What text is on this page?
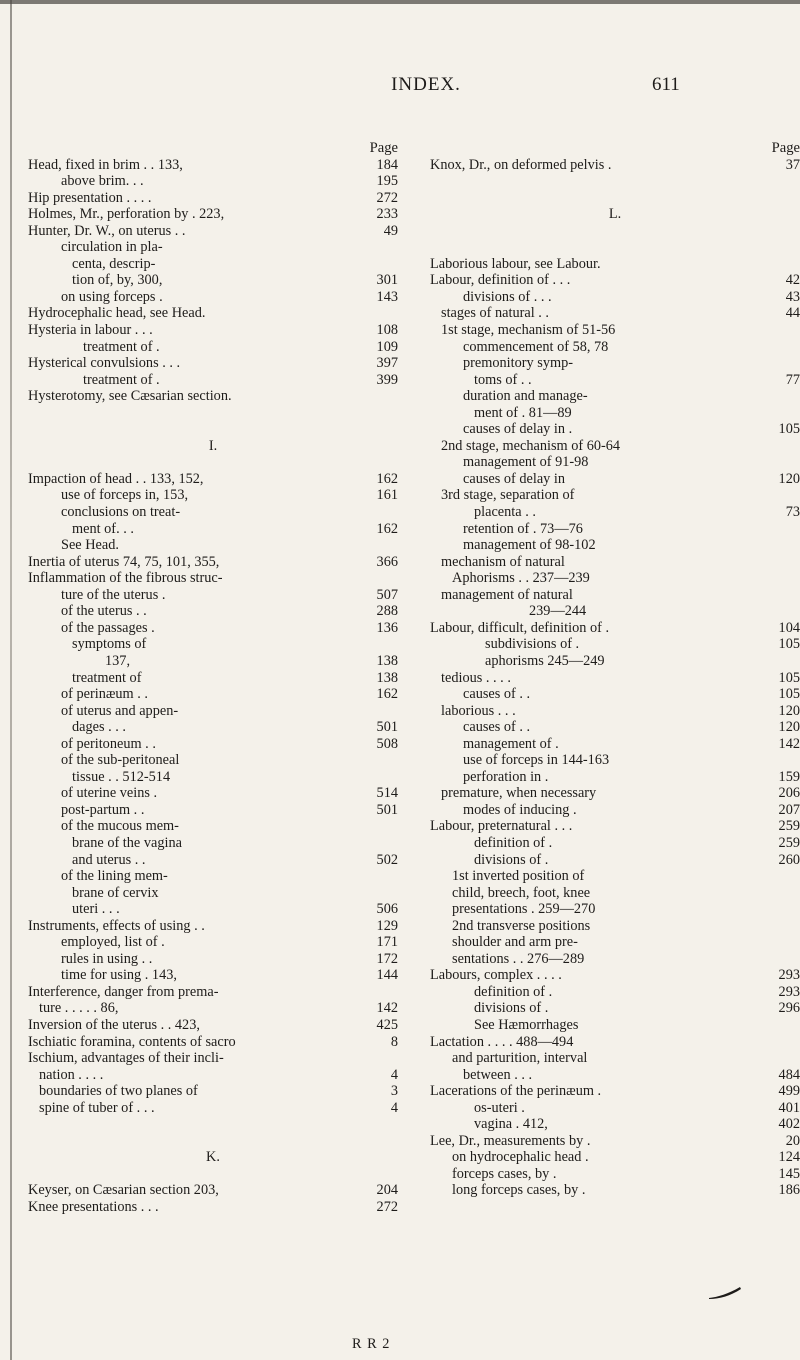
INDEX.	611
Page
Head, fixed in brim . . 133,	184
above brim. . .	195
Hip presentation . . . .	272
Holmes, Mr., perforation by . 223,	233
Hunter, Dr. W., on uterus . .	49
circulation in pla-
centa, descrip-
tion of, by, 300,	301
on using forceps .	143
Hydrocephalic head, see Head.
Hysteria in labour . . .	108
treatment of .	109
Hysterical convulsions . . .	397
treatment of .	399
Hysterotomy, see Cæsarian section.
I.
Impaction of head . . 133, 152,	162
use of forceps in, 153,	161
conclusions on treat-
ment of. . .	162
See Head.
Inertia of uterus 74, 75, 101, 355,	366
Inflammation of the fibrous struc-
ture of the uterus .	507
of the uterus . .	288
of the passages .	136
symptoms of
137,	138
treatment of	138
of perinæum . .	162
of uterus and appen-
dages . . .	501
of peritoneum . .	508
of the sub-peritoneal
tissue . . 512-514
of uterine veins .	514
post-partum . .	501
of the mucous mem-
brane of the vagina
and uterus . .	502
of the lining mem-
brane of cervix
uteri . . .	506
Instruments, effects of using . .	129
employed, list of .	171
rules in using . .	172
time for using . 143,	144
Interference, danger from prema-
ture . . . . . 86,	142
Inversion of the uterus . . 423,	425
Ischiatic foramina, contents of sacro	8
Ischium, advantages of their incli-
nation . . . .	4
boundaries of two planes of	3
spine of tuber of . . .	4
K.
Keyser, on Cæsarian section 203,	204
Knee presentations . . .	272
Page
Knox, Dr., on deformed pelvis .	37
L.
Laborious labour, see Labour.
Labour, definition of . . .	42
divisions of . . .	43
stages of natural . .	44
1st stage, mechanism of 51-56
commencement of 58, 78
premonitory symp-
toms of . .	77
duration and manage-
ment of . 81—89
causes of delay in .	105
2nd stage, mechanism of 60-64
management of 91-98
causes of delay in	120
3rd stage, separation of
placenta . .	73
retention of . 73—76
management of 98-102
mechanism of natural
Aphorisms . . 237—239
management of natural
239—244
Labour, difficult, definition of .	104
subdivisions of .	105
aphorisms 245—249
tedious . . . .	105
causes of . .	105
laborious . . .	120
causes of . .	120
management of .	142
use of forceps in 144-163
perforation in .	159
premature, when necessary	206
modes of inducing .	207
Labour, preternatural . . .	259
definition of .	259
divisions of .	260
1st inverted position of
child, breech, foot, knee
presentations . 259—270
2nd transverse positions
shoulder and arm pre-
sentations . . 276—289
Labours, complex . . . .	293
definition of .	293
divisions of .	296
See Hæmorrhages
Lactation . . . . 488—494
and parturition, interval
between . . .	484
Lacerations of the perinæum .	499
os-uteri .	401
vagina . 412,	402
Lee, Dr., measurements by .	20
on hydrocephalic head .	124
forceps cases, by .	145
long forceps cases, by .	186
R R 2
